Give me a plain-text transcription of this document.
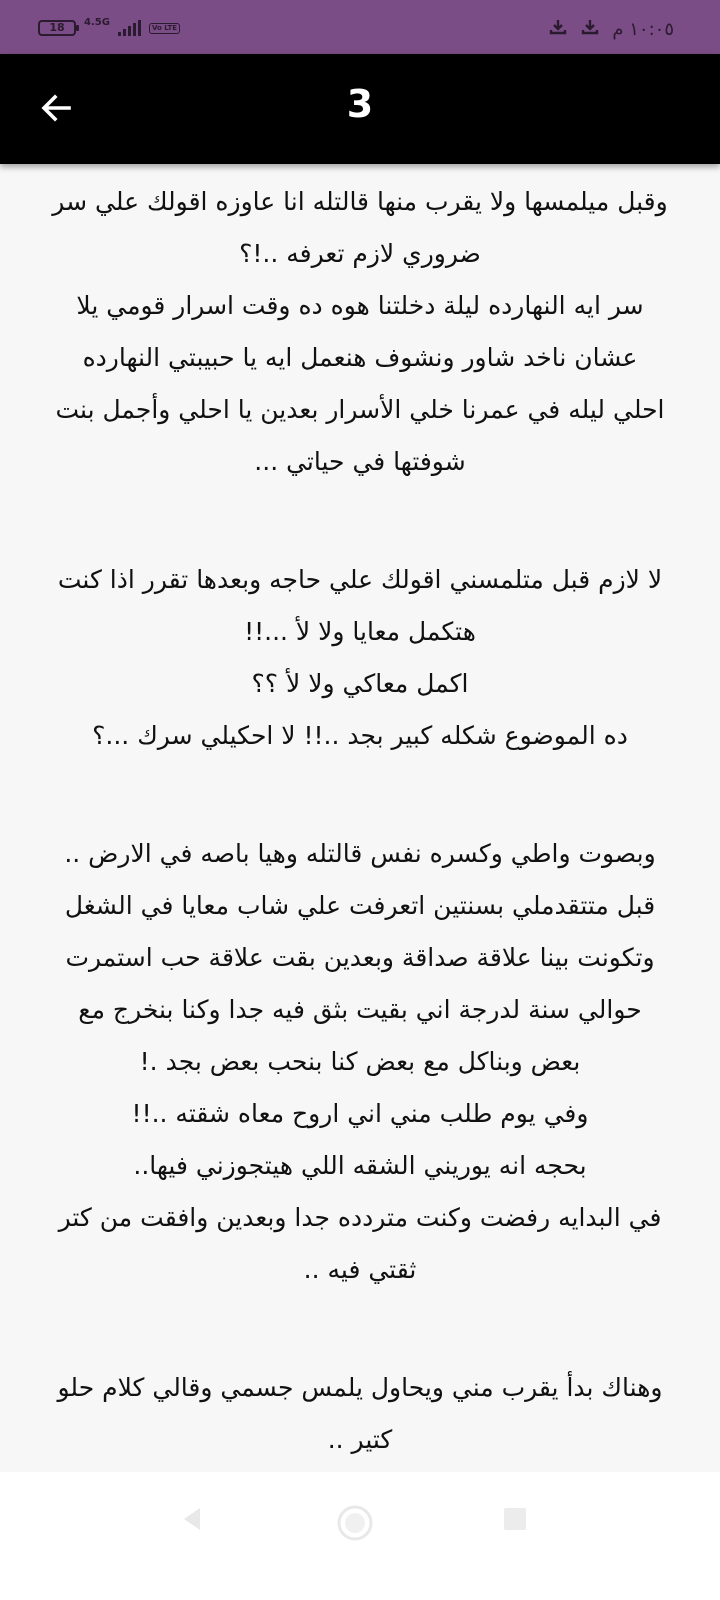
18	4.5G	Vo LTE	١٠:٠٥ م
3
وقبل ميلمسها ولا يقرب منها قالتله انا عاوزه اقولك علي سر
ضروري لازم تعرفه ..!؟
سر ايه النهارده ليلة دخلتنا هوه ده وقت اسرار قومي يلا
عشان ناخد شاور ونشوف هنعمل ايه يا حبيبتي النهارده
احلي ليله في عمرنا خلي الأسرار بعدين يا احلي وأجمل بنت
شوفتها في حياتي ...
لا لازم قبل متلمسني اقولك علي حاجه وبعدها تقرر اذا كنت
هتكمل معايا ولا لأ ...!!
اكمل معاكي ولا لأ ؟؟
ده الموضوع شكله كبير بجد ..!! لا احكيلي سرك ...؟
وبصوت واطي وكسره نفس قالتله وهيا باصه في الارض ..
قبل متتقدملي بسنتين اتعرفت علي شاب معايا في الشغل
وتكونت بينا علاقة صداقة وبعدين بقت علاقة حب استمرت
حوالي سنة لدرجة اني بقيت بثق فيه جدا وكنا بنخرج مع
بعض وبناكل مع بعض كنا بنحب بعض بجد .!
وفي يوم طلب مني اني اروح معاه شقته ..!!
بحجه انه يوريني الشقه اللي هيتجوزني فيها..
في البدايه رفضت وكنت متردده جدا وبعدين وافقت من كتر
ثقتي فيه ..
وهناك بدأ يقرب مني ويحاول يلمس جسمي وقالي كلام حلو
كتير ..
